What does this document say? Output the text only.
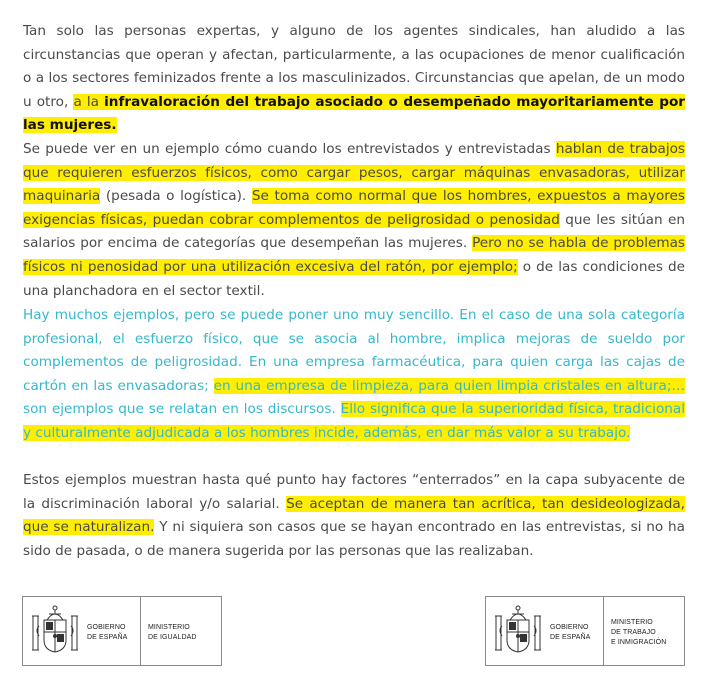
Tan solo las personas expertas, y alguno de los agentes sindicales, han aludido a las circunstancias que operan y afectan, particularmente, a las ocupaciones de menor cualificación o a los sectores feminizados frente a los masculinizados. Circunstancias que apelan, de un modo u otro, a la infravaloración del trabajo asociado o desempeñado mayoritariamente por las mujeres.

Se puede ver en un ejemplo cómo cuando los entrevistados y entrevistadas hablan de trabajos que requieren esfuerzos físicos, como cargar pesos, cargar máquinas envasadoras, utilizar maquinaria (pesada o logística). Se toma como normal que los hombres, expuestos a mayores exigencias físicas, puedan cobrar complementos de peligrosidad o penosidad que les sitúan en salarios por encima de categorías que desempeñan las mujeres. Pero no se habla de problemas físicos ni penosidad por una utilización excesiva del ratón, por ejemplo; o de las condiciones de una planchadora en el sector textil.

Hay muchos ejemplos, pero se puede poner uno muy sencillo. En el caso de una sola categoría profesional, el esfuerzo físico, que se asocia al hombre, implica mejoras de sueldo por complementos de peligrosidad. En una empresa farmacéutica, para quien carga las cajas de cartón en las envasadoras; en una empresa de limpieza, para quien limpia cristales en altura;… son ejemplos que se relatan en los discursos. Ello significa que la superioridad física, tradicional y culturalmente adjudicada a los hombres incide, además, en dar más valor a su trabajo.

Estos ejemplos muestran hasta qué punto hay factores “enterrados” en la capa subyacente de la discriminación laboral y/o salarial. Se aceptan de manera tan acrítica, tan desideologizada, que se naturalizan. Y ni siquiera son casos que se hayan encontrado en las entrevistas, si no ha sido de pasada, o de manera sugerida por las personas que las realizaban.

GOBIERNO
DE ESPAÑA
MINISTERIO
DE IGUALDAD
GOBIERNO
DE ESPAÑA
MINISTERIO
DE TRABAJO
E INMIGRACIÓN
